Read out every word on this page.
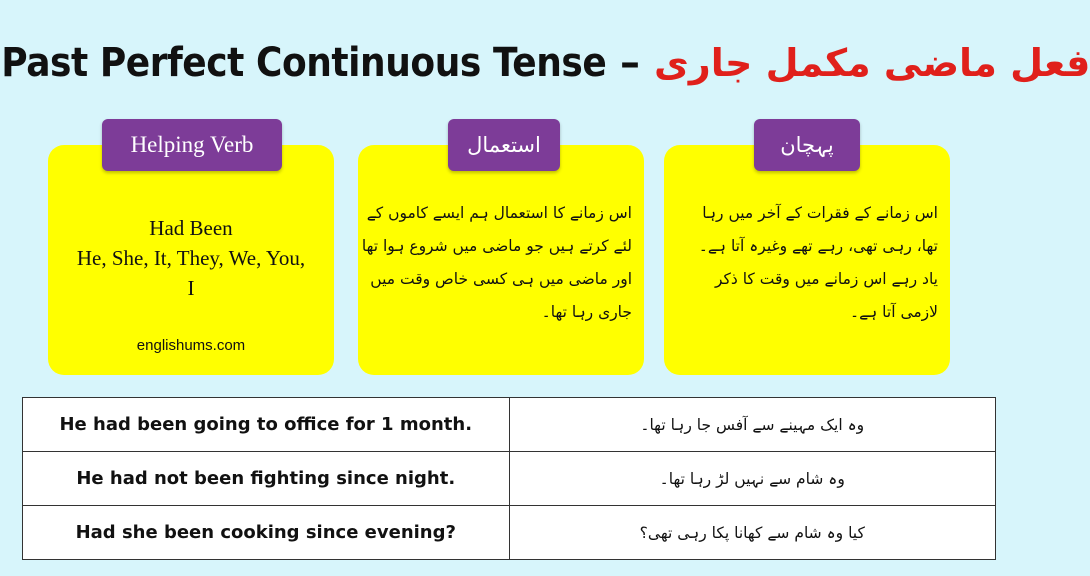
Past Perfect Continuous Tense – فعل ماضی مکمل جاری
Had Been
He, She, It, They, We, You,
I
englishums.com
Helping Verb
اس زمانے کا استعمال ہم ایسے کاموں کے
لئے کرتے ہیں جو ماضی میں شروع ہوا تھا
اور ماضی میں ہی کسی خاص وقت میں
جاری رہا تھا۔
استعمال
اس زمانے کے فقرات کے آخر میں رہا
تھا، رہی تھی، رہے تھے وغیرہ آتا ہے۔
یاد رہے اس زمانے میں وقت کا ذکر
لازمی آتا ہے۔
پہچان
He had been going to office for 1 month.	وہ ایک مہینے سے آفس جا رہا تھا۔
He had not been fighting since night.	وہ شام سے نہیں لڑ رہا تھا۔
Had she been cooking since evening?	کیا وہ شام سے کھانا پکا رہی تھی؟
